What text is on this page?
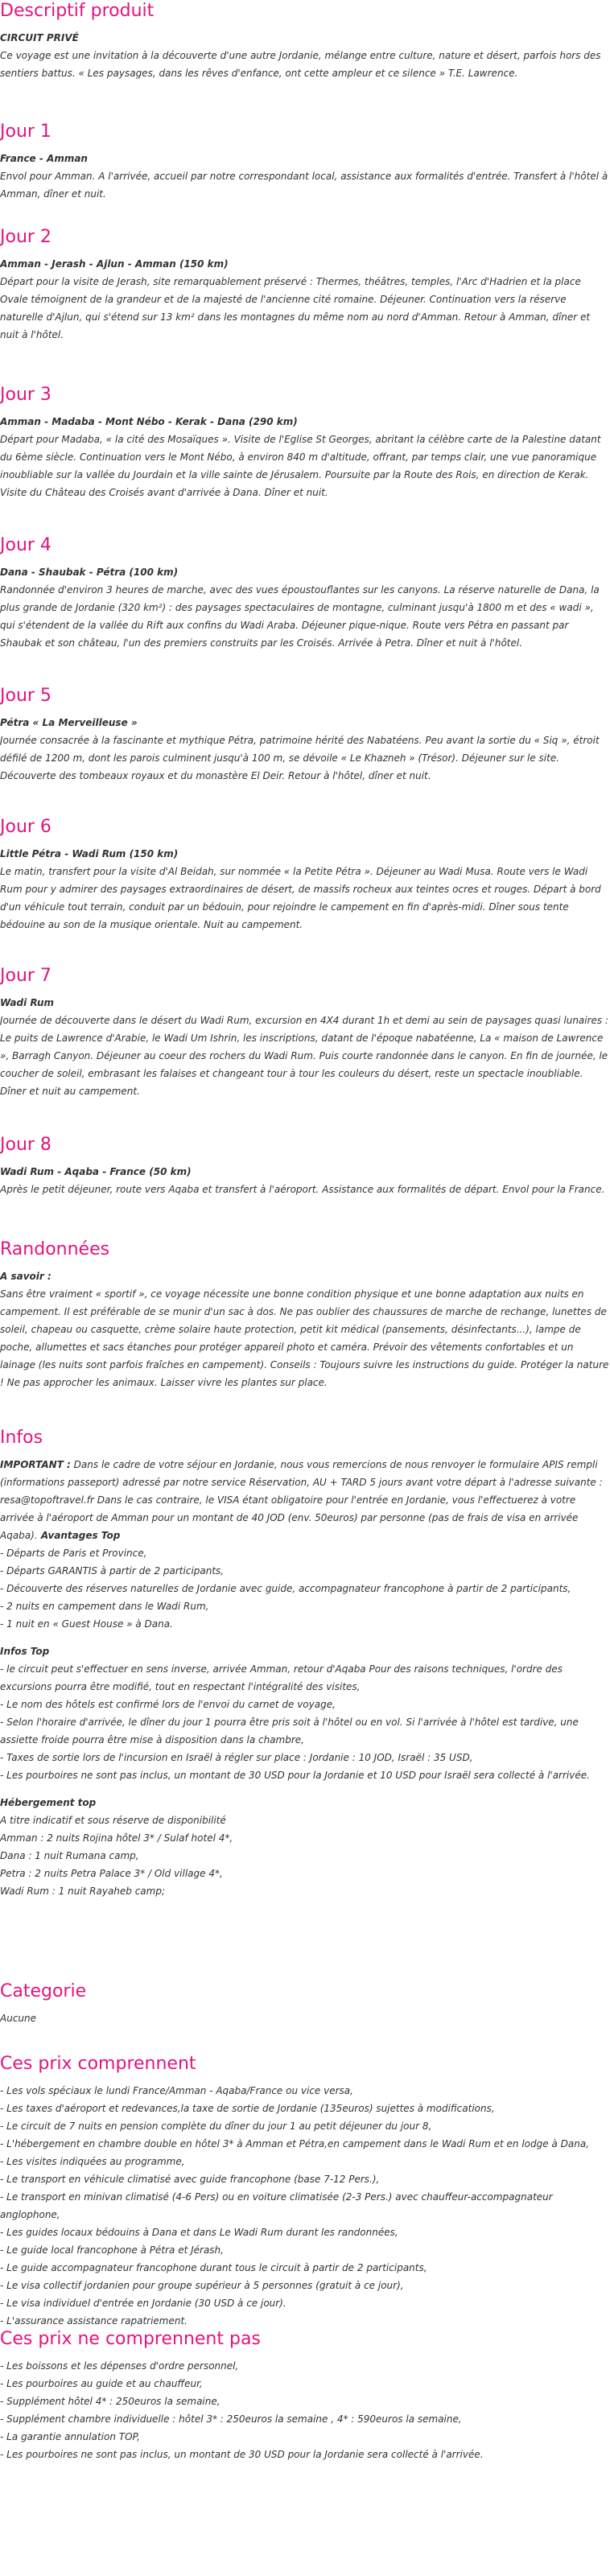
Descriptif produit

CIRCUIT PRIVÉ

Ce voyage est une invitation à la découverte d'une autre Jordanie, mélange entre culture, nature et désert, parfois hors des sentiers battus. « Les paysages, dans les rêves d'enfance, ont cette ampleur et ce silence » T.E. Lawrence.

Jour 1

France - Amman

Envol pour Amman. A l'arrivée, accueil par notre correspondant local, assistance aux formalités d'entrée. Transfert à l'hôtel à Amman, dîner et nuit.

Jour 2

Amman - Jerash - Ajlun - Amman (150 km)

Départ pour la visite de Jerash, site remarquablement préservé : Thermes, théâtres, temples, l'Arc d'Hadrien et la place Ovale témoignent de la grandeur et de la majesté de l'ancienne cité romaine. Déjeuner. Continuation vers la réserve naturelle d'Ajlun, qui s'étend sur 13 km² dans les montagnes du même nom au nord d'Amman. Retour à Amman, dîner et nuit à l'hôtel.

Jour 3

Amman - Madaba - Mont Nébo - Kerak - Dana (290 km)

Départ pour Madaba, « la cité des Mosaïques ». Visite de l'Eglise St Georges, abritant la célèbre carte de la Palestine datant du 6ème siècle. Continuation vers le Mont Nébo, à environ 840 m d'altitude, offrant, par temps clair, une vue panoramique inoubliable sur la vallée du Jourdain et la ville sainte de Jérusalem. Poursuite par la Route des Rois, en direction de Kerak. Visite du Château des Croisés avant d'arrivée à Dana. Dîner et nuit.

Jour 4

Dana - Shaubak - Pétra (100 km)

Randonnée d'environ 3 heures de marche, avec des vues époustouflantes sur les canyons. La réserve naturelle de Dana, la plus grande de Jordanie (320 km²) : des paysages spectaculaires de montagne, culminant jusqu'à 1800 m et des « wadi », qui s'étendent de la vallée du Rift aux confins du Wadi Araba. Déjeuner pique-nique. Route vers Pétra en passant par Shaubak et son château, l'un des premiers construits par les Croisés. Arrivée à Petra. Dîner et nuit à l'hôtel.

Jour 5

Pétra « La Merveilleuse »

Journée consacrée à la fascinante et mythique Pétra, patrimoine hérité des Nabatéens. Peu avant la sortie du « Siq », étroit défilé de 1200 m, dont les parois culminent jusqu'à 100 m, se dévoile « Le Khazneh » (Trésor). Déjeuner sur le site. Découverte des tombeaux royaux et du monastère El Deir. Retour à l'hôtel, dîner et nuit.

Jour 6

Little Pétra - Wadi Rum (150 km)

Le matin, transfert pour la visite d'Al Beidah, sur nommée « la Petite Pétra ». Déjeuner au Wadi Musa. Route vers le Wadi Rum pour y admirer des paysages extraordinaires de désert, de massifs rocheux aux teintes ocres et rouges. Départ à bord d'un véhicule tout terrain, conduit par un bédouin, pour rejoindre le campement en fin d'après-midi. Dîner sous tente bédouine au son de la musique orientale. Nuit au campement.

Jour 7

Wadi Rum

Journée de découverte dans le désert du Wadi Rum, excursion en 4X4 durant 1h et demi au sein de paysages quasi lunaires : Le puits de Lawrence d'Arabie, le Wadi Um Ishrin, les inscriptions, datant de l'époque nabatéenne, La « maison de Lawrence », Barragh Canyon. Déjeuner au coeur des rochers du Wadi Rum. Puis courte randonnée dans le canyon. En fin de journée, le coucher de soleil, embrasant les falaises et changeant tour à tour les couleurs du désert, reste un spectacle inoubliable. Dîner et nuit au campement.

Jour 8

Wadi Rum - Aqaba - France (50 km)

Après le petit déjeuner, route vers Aqaba et transfert à l'aéroport. Assistance aux formalités de départ. Envol pour la France.

Randonnées

A savoir :

Sans être vraiment « sportif », ce voyage nécessite une bonne condition physique et une bonne adaptation aux nuits en campement. Il est préférable de se munir d'un sac à dos. Ne pas oublier des chaussures de marche de rechange, lunettes de soleil, chapeau ou casquette, crème solaire haute protection, petit kit médical (pansements, désinfectants...), lampe de poche, allumettes et sacs étanches pour protéger appareil photo et caméra. Prévoir des vêtements confortables et un lainage (les nuits sont parfois fraîches en campement). Conseils : Toujours suivre les instructions du guide. Protéger la nature ! Ne pas approcher les animaux. Laisser vivre les plantes sur place.

Infos

IMPORTANT : Dans le cadre de votre séjour en Jordanie, nous vous remercions de nous renvoyer le formulaire APIS rempli (informations passeport) adressé par notre service Réservation, AU + TARD 5 jours avant votre départ à l'adresse suivante : resa@topoftravel.fr Dans le cas contraire, le VISA étant obligatoire pour l'entrée en Jordanie, vous l'effectuerez à votre arrivée à l'aéroport de Amman pour un montant de 40 JOD (env. 50euros) par personne (pas de frais de visa en arrivée Aqaba). Avantages Top

- Départs de Paris et Province,

- Départs GARANTIS à partir de 2 participants,

- Découverte des réserves naturelles de Jordanie avec guide, accompagnateur francophone à partir de 2 participants,

- 2 nuits en campement dans le Wadi Rum,

- 1 nuit en « Guest House » à Dana.

Infos Top

- le circuit peut s'effectuer en sens inverse, arrivée Amman, retour d'Aqaba Pour des raisons techniques, l'ordre des excursions pourra être modifié, tout en respectant l'intégralité des visites,

- Le nom des hôtels est confirmé lors de l'envoi du carnet de voyage,

- Selon l'horaire d'arrivée, le dîner du jour 1 pourra être pris soit à l'hôtel ou en vol. Si l'arrivée à l'hôtel est tardive, une assiette froide pourra être mise à disposition dans la chambre,

- Taxes de sortie lors de l'incursion en Israël à régler sur place : Jordanie : 10 JOD, Israël : 35 USD,

- Les pourboires ne sont pas inclus, un montant de 30 USD pour la Jordanie et 10 USD pour Israël sera collecté à l'arrivée.

Hébergement top

A titre indicatif et sous réserve de disponibilité

Amman : 2 nuits Rojina hôtel 3* / Sulaf hotel 4*,

Dana : 1 nuit Rumana camp,

Petra : 2 nuits Petra Palace 3* / Old village 4*,

Wadi Rum : 1 nuit Rayaheb camp;

Categorie

Aucune

Ces prix comprennent

- Les vols spéciaux le lundi France/Amman - Aqaba/France ou vice versa,

- Les taxes d'aéroport et redevances,la taxe de sortie de Jordanie (135euros) sujettes à modifications,

- Le circuit de 7 nuits en pension complète du dîner du jour 1 au petit déjeuner du jour 8,

- L'hébergement en chambre double en hôtel 3* à Amman et Pétra,en campement dans le Wadi Rum et en lodge à Dana,

- Les visites indiquées au programme,

- Le transport en véhicule climatisé avec guide francophone (base 7-12 Pers.),

- Le transport en minivan climatisé (4-6 Pers) ou en voiture climatisée (2-3 Pers.) avec chauffeur-accompagnateur anglophone,

- Les guides locaux bédouins à Dana et dans Le Wadi Rum durant les randonnées,

- Le guide local francophone à Pétra et Jérash,

- Le guide accompagnateur francophone durant tous le circuit à partir de 2 participants,

- Le visa collectif jordanien pour groupe supérieur à 5 personnes (gratuit à ce jour),

- Le visa individuel d'entrée en Jordanie (30 USD à ce jour).

- L'assurance assistance rapatriement.

Ces prix ne comprennent pas

- Les boissons et les dépenses d'ordre personnel,

- Les pourboires au guide et au chauffeur,

- Supplément hôtel 4* : 250euros la semaine,

- Supplément chambre individuelle : hôtel 3* : 250euros la semaine , 4* : 590euros la semaine,

- La garantie annulation TOP,

- Les pourboires ne sont pas inclus, un montant de 30 USD pour la Jordanie sera collecté à l'arrivée.
